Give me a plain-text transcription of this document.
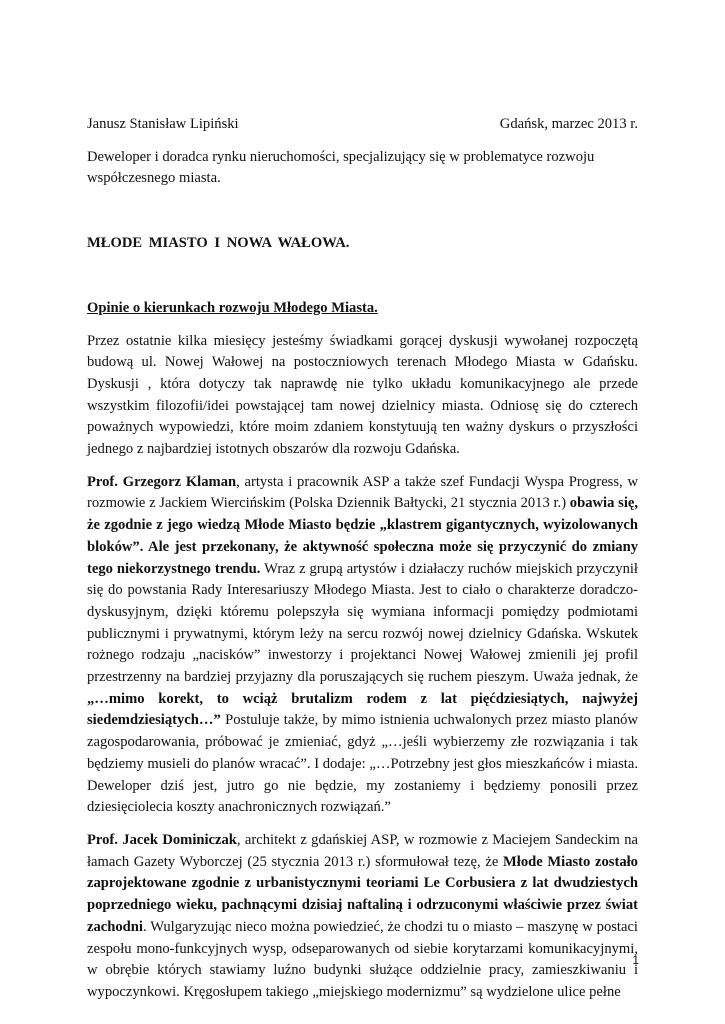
Janusz Stanisław Lipiński	Gdańsk, marzec 2013 r.

Deweloper i doradca rynku nieruchomości, specjalizujący się w problematyce rozwoju współczesnego miasta.

MŁODE MIASTO I NOWA WAŁOWA.

Opinie o kierunkach rozwoju Młodego Miasta.

Przez ostatnie kilka miesięcy jesteśmy świadkami gorącej dyskusji wywołanej rozpoczętą budową ul. Nowej Wałowej na postoczniowych terenach Młodego Miasta w Gdańsku. Dyskusji , która dotyczy tak naprawdę nie tylko układu komunikacyjnego ale przede wszystkim filozofii/idei powstającej tam nowej dzielnicy miasta. Odniosę się do czterech poważnych wypowiedzi, które moim zdaniem konstytuują ten ważny dyskurs o przyszłości jednego z najbardziej istotnych obszarów dla rozwoju Gdańska.

Prof. Grzegorz Klaman, artysta i pracownik ASP a także szef Fundacji Wyspa Progress, w rozmowie z Jackiem Wiercińskim (Polska Dziennik Bałtycki, 21 stycznia 2013 r.) obawia się, że zgodnie z jego wiedzą Młode Miasto będzie „klastrem gigantycznych, wyizolowanych bloków”. Ale jest przekonany, że aktywność społeczna może się przyczynić do zmiany tego niekorzystnego trendu. Wraz z grupą artystów i działaczy ruchów miejskich przyczynił się do powstania Rady Interesariuszy Młodego Miasta. Jest to ciało o charakterze doradczo-dyskusyjnym, dzięki któremu polepszyła się wymiana informacji pomiędzy podmiotami publicznymi i prywatnymi, którym leży na sercu rozwój nowej dzielnicy Gdańska. Wskutek rożnego rodzaju „nacisków” inwestorzy i projektanci Nowej Wałowej zmienili jej profil przestrzenny na bardziej przyjazny dla poruszających się ruchem pieszym. Uważa jednak, że „…mimo korekt, to wciąż brutalizm rodem z lat pięćdziesiątych, najwyżej siedemdziesiątych…” Postuluje także, by mimo istnienia uchwalonych przez miasto planów zagospodarowania, próbować je zmieniać, gdyż „…jeśli wybierzemy złe rozwiązania i tak będziemy musieli do planów wracać”. I dodaje: „…Potrzebny jest głos mieszkańców i miasta. Deweloper dziś jest, jutro go nie będzie, my zostaniemy i będziemy ponosili przez dziesięciolecia koszty anachronicznych rozwiązań.”

Prof. Jacek Dominiczak, architekt z gdańskiej ASP, w rozmowie z Maciejem Sandeckim na łamach Gazety Wyborczej (25 stycznia 2013 r.) sformułował tezę, że Młode Miasto zostało zaprojektowane zgodnie z urbanistycznymi teoriami Le Corbusiera z lat dwudziestych poprzedniego wieku, pachnącymi dzisiaj naftaliną i odrzuconymi właściwie przez świat zachodni. Wulgaryzując nieco można powiedzieć, że chodzi tu o miasto – maszynę w postaci zespołu mono-funkcyjnych wysp, odseparowanych od siebie korytarzami komunikacyjnymi, w obrębie których stawiamy luźno budynki służące oddzielnie pracy, zamieszkiwaniu i wypoczynkowi. Kręgosłupem takiego „miejskiego modernizmu” są wydzielone ulice pełne

1
